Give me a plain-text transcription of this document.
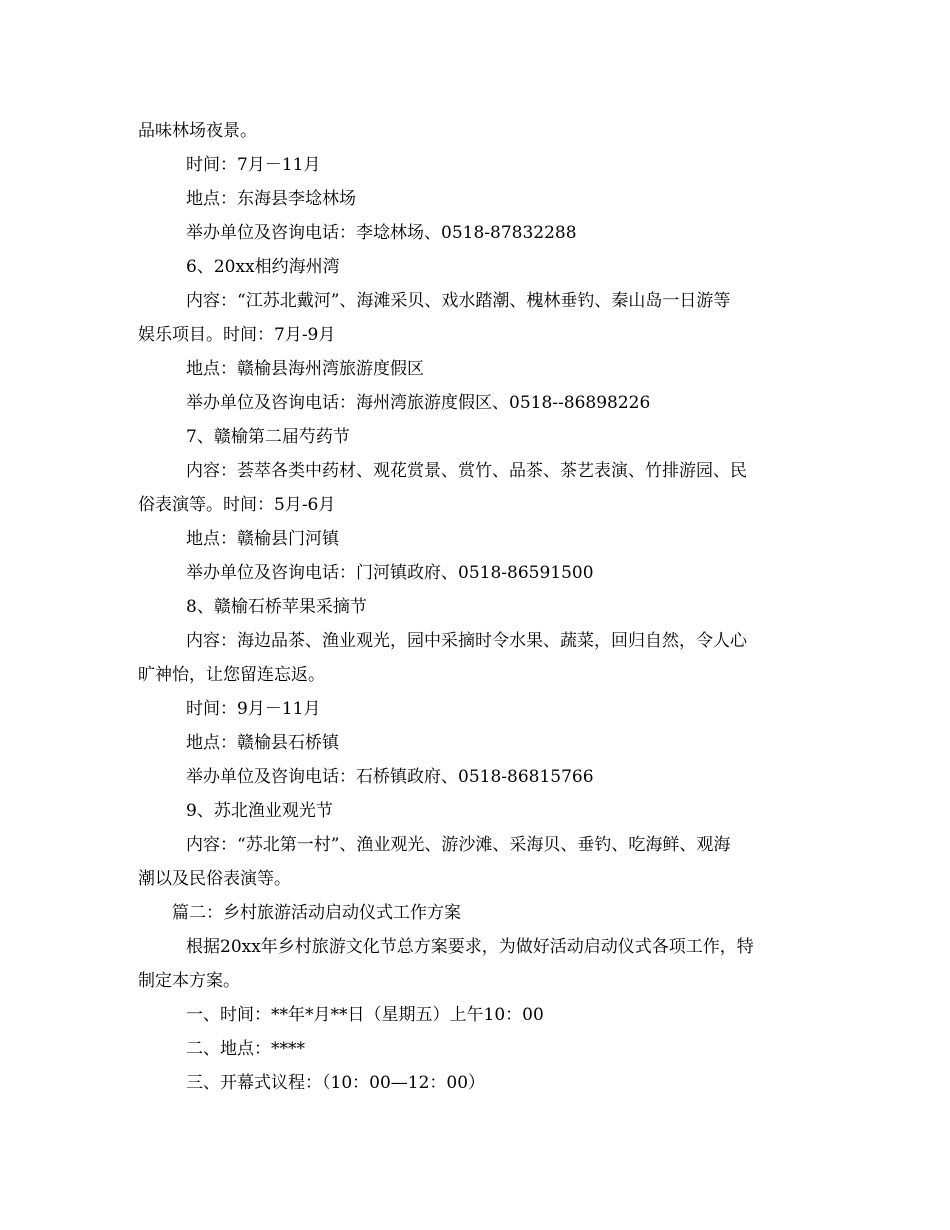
品味林场夜景。
时间：7月－11月
地点：东海县李埝林场
举办单位及咨询电话：李埝林场、0518-87832288
6、20xx相约海州湾
内容：“江苏北戴河”、海滩采贝、戏水踏潮、槐林垂钓、秦山岛一日游等
娱乐项目。时间：7月-9月
地点：赣榆县海州湾旅游度假区
举办单位及咨询电话：海州湾旅游度假区、0518--86898226
7、赣榆第二届芍药节
内容：荟萃各类中药材、观花赏景、赏竹、品茶、茶艺表演、竹排游园、民
俗表演等。时间：5月-6月
地点：赣榆县门河镇
举办单位及咨询电话：门河镇政府、0518-86591500
8、赣榆石桥苹果采摘节
内容：海边品茶、渔业观光，园中采摘时令水果、蔬菜，回归自然，令人心
旷神怡，让您留连忘返。
时间：9月－11月
地点：赣榆县石桥镇
举办单位及咨询电话：石桥镇政府、0518-86815766
9、苏北渔业观光节
内容：“苏北第一村”、渔业观光、游沙滩、采海贝、垂钓、吃海鲜、观海
潮以及民俗表演等。
篇二：乡村旅游活动启动仪式工作方案
根据20xx年乡村旅游文化节总方案要求，为做好活动启动仪式各项工作，特
制定本方案。
一、时间：**年*月**日（星期五）上午10：00
二、地点：****
三、开幕式议程：（10：00—12：00）
